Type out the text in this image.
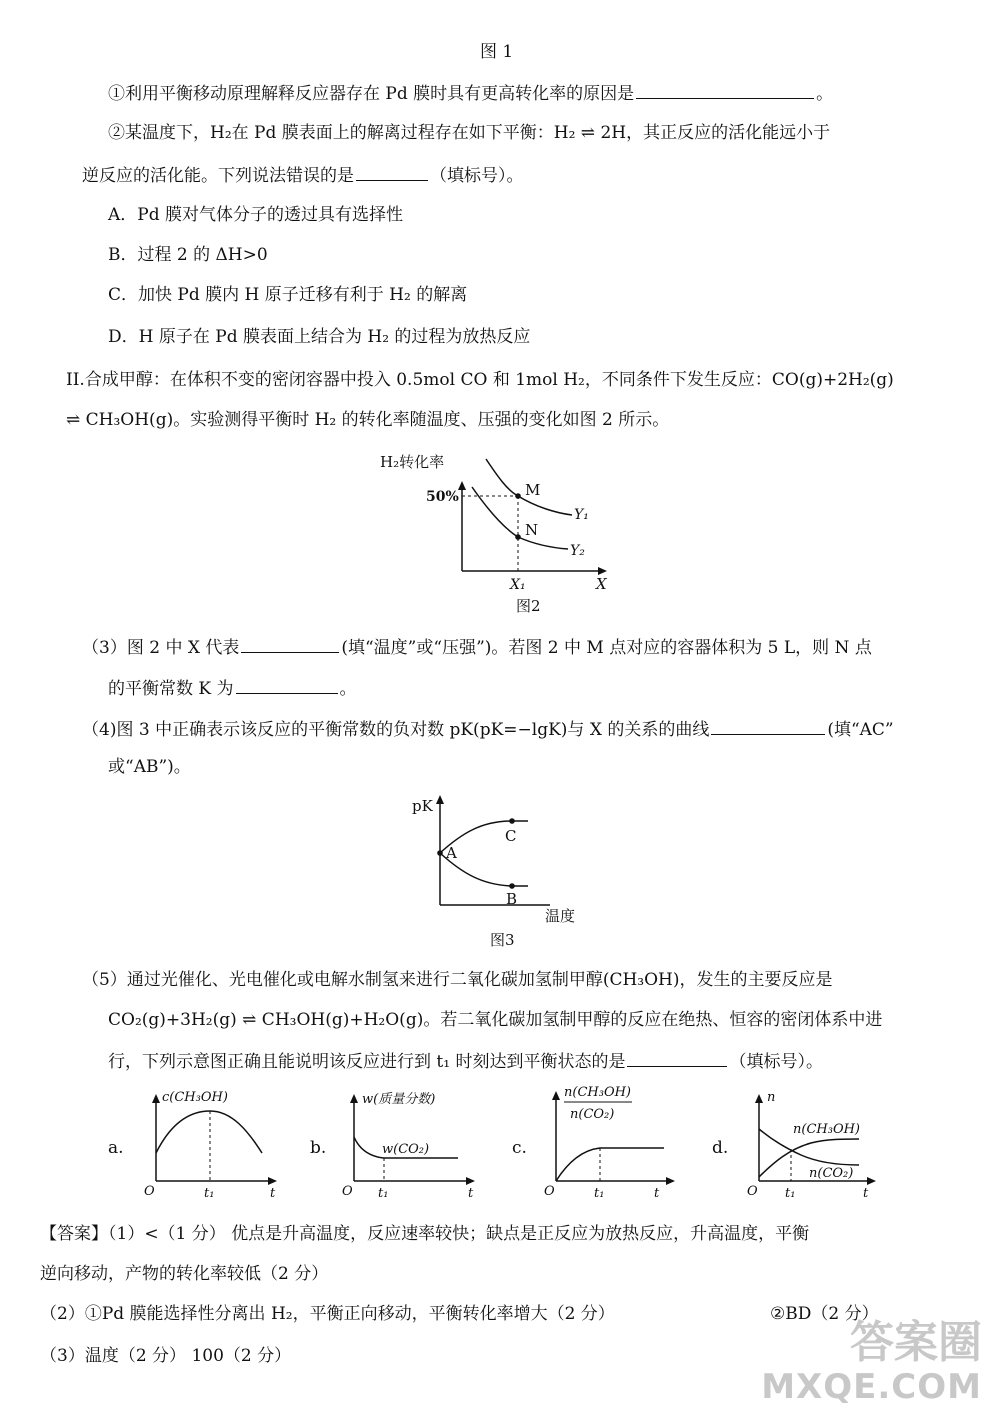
图 1
①利用平衡移动原理解释反应器存在 Pd 膜时具有更高转化率的原因是	。
②某温度下，H₂在 Pd 膜表面上的解离过程存在如下平衡：H₂ ⇌ 2H，其正反应的活化能远小于
逆反应的活化能。下列说法错误的是	（填标号）。
A．Pd 膜对气体分子的透过具有选择性
B．过程 2 的 ΔH>0
C．加快 Pd 膜内 H 原子迁移有利于 H₂ 的解离
D．H 原子在 Pd 膜表面上结合为 H₂ 的过程为放热反应
II.合成甲醇：在体积不变的密闭容器中投入 0.5mol CO 和 1mol H₂，不同条件下发生反应：CO(g)+2H₂(g)
⇌ CH₃OH(g)。实验测得平衡时 H₂ 的转化率随温度、压强的变化如图 2 所示。
H₂转化率
50%	M
N
Y₁
Y₂
X₁	X
图2
（3）图 2 中 X 代表	(填“温度”或“压强”)。若图 2 中 M 点对应的容器体积为 5 L，则 N 点
的平衡常数 K 为	。
（4)图 3 中正确表示该反应的平衡常数的负对数 pK(pK=−lgK)与 X 的关系的曲线	(填“AC”
或“AB”)。
pK
A
C
B
温度
图3
（5）通过光催化、光电催化或电解水制氢来进行二氧化碳加氢制甲醇(CH₃OH)，发生的主要反应是
CO₂(g)+3H₂(g) ⇌ CH₃OH(g)+H₂O(g)。若二氧化碳加氢制甲醇的反应在绝热、恒容的密闭体系中进
行，下列示意图正确且能说明该反应进行到 t₁ 时刻达到平衡状态的是	（填标号）。
a.
c(CH₃OH)
O	t₁	t
b.
w(质量分数)
w(CO₂)
O t₁	t
c.
n(CH₃OH)
n(CO₂)
O	t₁	t
d.
n
n(CH₃OH)
n(CO₂)
O t₁	t
【答案】（1）<（1 分） 优点是升高温度，反应速率较快；缺点是正反应为放热反应，升高温度，平衡
逆向移动，产物的转化率较低（2 分）
（2）①Pd 膜能选择性分离出 H₂，平衡正向移动，平衡转化率增大（2 分）	②BD（2 分）
（3）温度（2 分） 100（2 分）	答案圈
MXQE.COM
